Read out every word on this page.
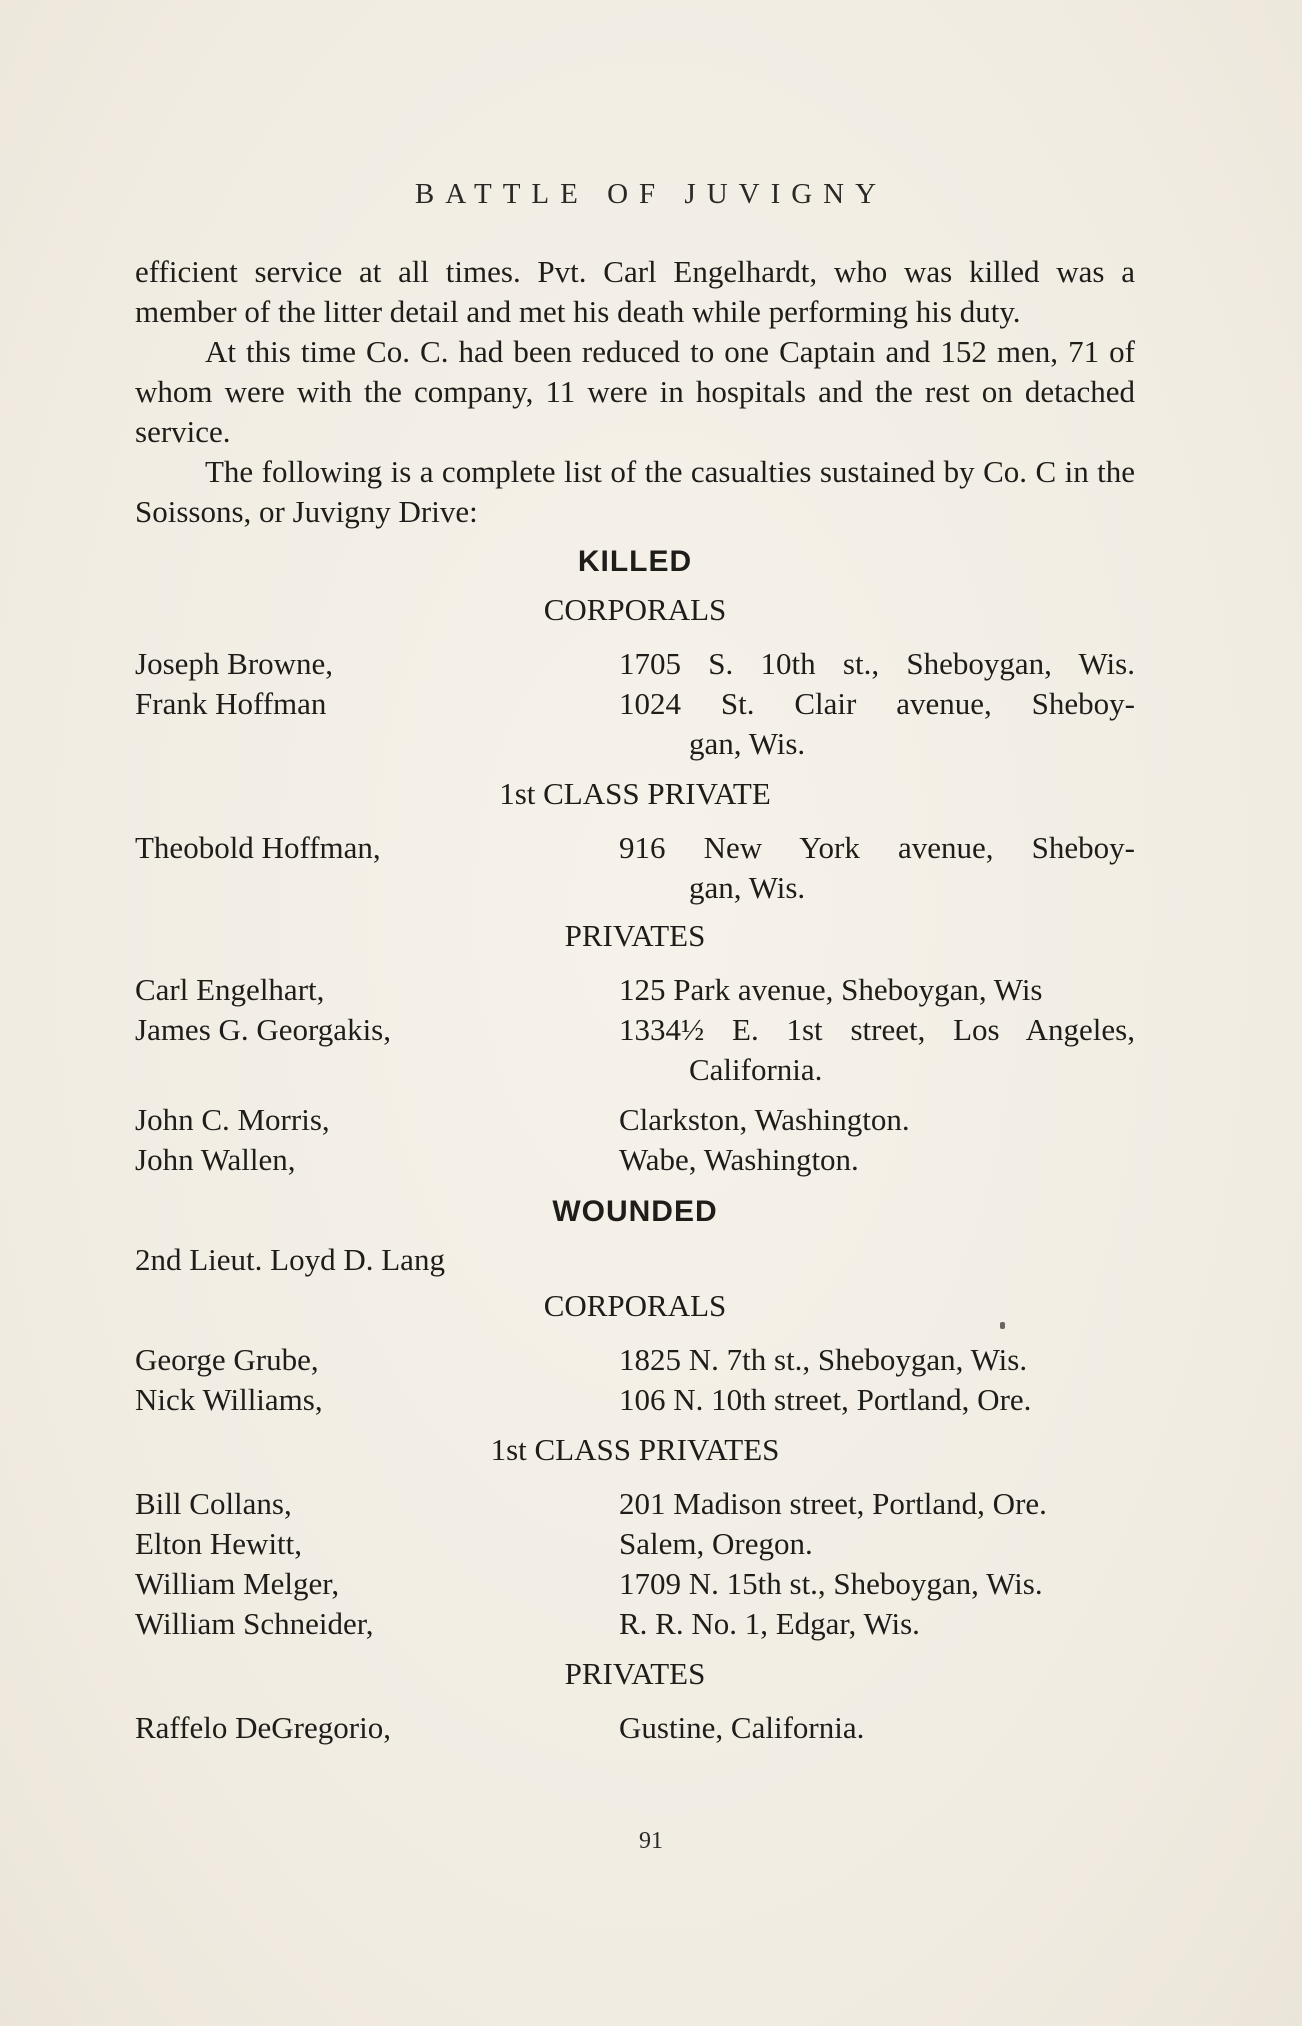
BATTLE OF JUVIGNY

efficient service at all times. Pvt. Carl Engelhardt, who was killed was a member of the litter detail and met his death while performing his duty.

At this time Co. C. had been reduced to one Captain and 152 men, 71 of whom were with the company, 11 were in hospitals and the rest on detached service.

The following is a complete list of the casualties sustained by Co. C in the Soissons, or Juvigny Drive:

KILLED
CORPORALS
Joseph Browne,	1705 S. 10th st., Sheboygan, Wis.
Frank Hoffman	1024 St. Clair avenue, Sheboy-
gan, Wis.
1st CLASS PRIVATE
Theobold Hoffman,	916 New York avenue, Sheboy-
gan, Wis.
PRIVATES
Carl Engelhart,	125 Park avenue, Sheboygan, Wis
James G. Georgakis,	1334½ E. 1st street, Los Angeles,
California.
John C. Morris,	Clarkston, Washington.
John Wallen,	Wabe, Washington.
WOUNDED
2nd Lieut. Loyd D. Lang
CORPORALS
George Grube,	1825 N. 7th st., Sheboygan, Wis.
Nick Williams,	106 N. 10th street, Portland, Ore.
1st CLASS PRIVATES
Bill Collans,	201 Madison street, Portland, Ore.
Elton Hewitt,	Salem, Oregon.
William Melger,	1709 N. 15th st., Sheboygan, Wis.
William Schneider,	R. R. No. 1, Edgar, Wis.
PRIVATES
Raffelo DeGregorio,	Gustine, California.
91
